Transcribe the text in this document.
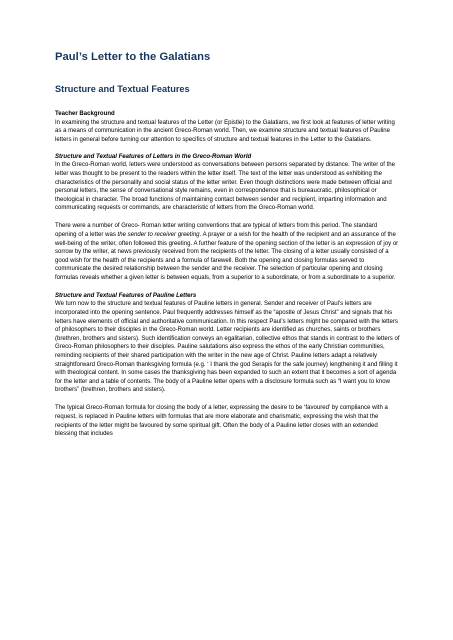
Paul’s Letter to the Galatians
Structure and Textual Features

Teacher Background
In examining the structure and textual features of the Letter (or Epistle) to the Galatians, we first look at features of letter writing as a means of communication in the ancient Greco-Roman world. Then, we examine structure and textual features of Pauline letters in general before turning our attention to specifics of structure and textual features in the Letter to the Galatians.

Structure and Textual Features of Letters in the Greco-Roman World
In the Greco-Roman world, letters were understood as conversations between persons separated by distance. The writer of the letter was thought to be present to the readers within the letter itself. The text of the letter was understood as exhibiting the characteristics of the personality and social status of the letter writer. Even though distinctions were made between official and personal letters, the sense of conversational style remains, even in correspondence that is bureaucratic, philosophical or theological in character. The broad functions of maintaining contact between sender and recipient, imparting information and communicating requests or commands, are characteristic of letters from the Greco-Roman world.

There were a number of Greco- Roman letter writing conventions that are typical of letters from this period. The standard opening of a letter was the sender to receiver greeting. A prayer or a wish for the health of the recipient and an assurance of the well-being of the writer, often followed this greeting. A further feature of the opening section of the letter is an expression of joy or sorrow by the writer, at news previously received from the recipients of the letter. The closing of a letter usually consisted of a good wish for the health of the recipients and a formula of farewell. Both the opening and closing formulas served to communicate the desired relationship between the sender and the receiver. The selection of particular opening and closing formulas reveals whether a given letter is between equals, from a superior to a subordinate, or from a subordinate to a superior.

Structure and Textual Features of Pauline Letters
We turn now to the structure and textual features of Pauline letters in general. Sender and receiver of Paul’s letters are incorporated into the opening sentence. Paul frequently addresses himself as the “apostle of Jesus Christ” and signals that his letters have elements of official and authoritative communication. In this respect Paul’s letters might be compared with the letters of philosophers to their disciples in the Greco-Roman world. Letter recipients are identified as churches, saints or brothers (brethren, brothers and sisters). Such identification conveys an egalitarian, collective ethos that stands in contrast to the letters of Greco-Roman philosophers to their disciples. Pauline salutations also express the ethos of the early Christian communities, reminding recipients of their shared participation with the writer in the new age of Christ. Pauline letters adapt a relatively straightforward Greco-Roman thanksgiving formula (e.g. ‘ I thank the god Serapis for the safe journey) lengthening it and filling it with theological content. In some cases the thanksgiving has been expanded to such an extent that it becomes a sort of agenda for the letter and a table of contents. The body of a Pauline letter opens with a disclosure formula such as “I want you to know brothers” (brethren, brothers and sisters).

The typical Greco-Roman formula for closing the body of a letter, expressing the desire to be ‘favoured’ by compliance with a request, is replaced in Pauline letters with formulas that are more elaborate and charismatic, expressing the wish that the recipients of the letter might be favoured by some spiritual gift. Often the body of a Pauline letter closes with an extended blessing that includes
